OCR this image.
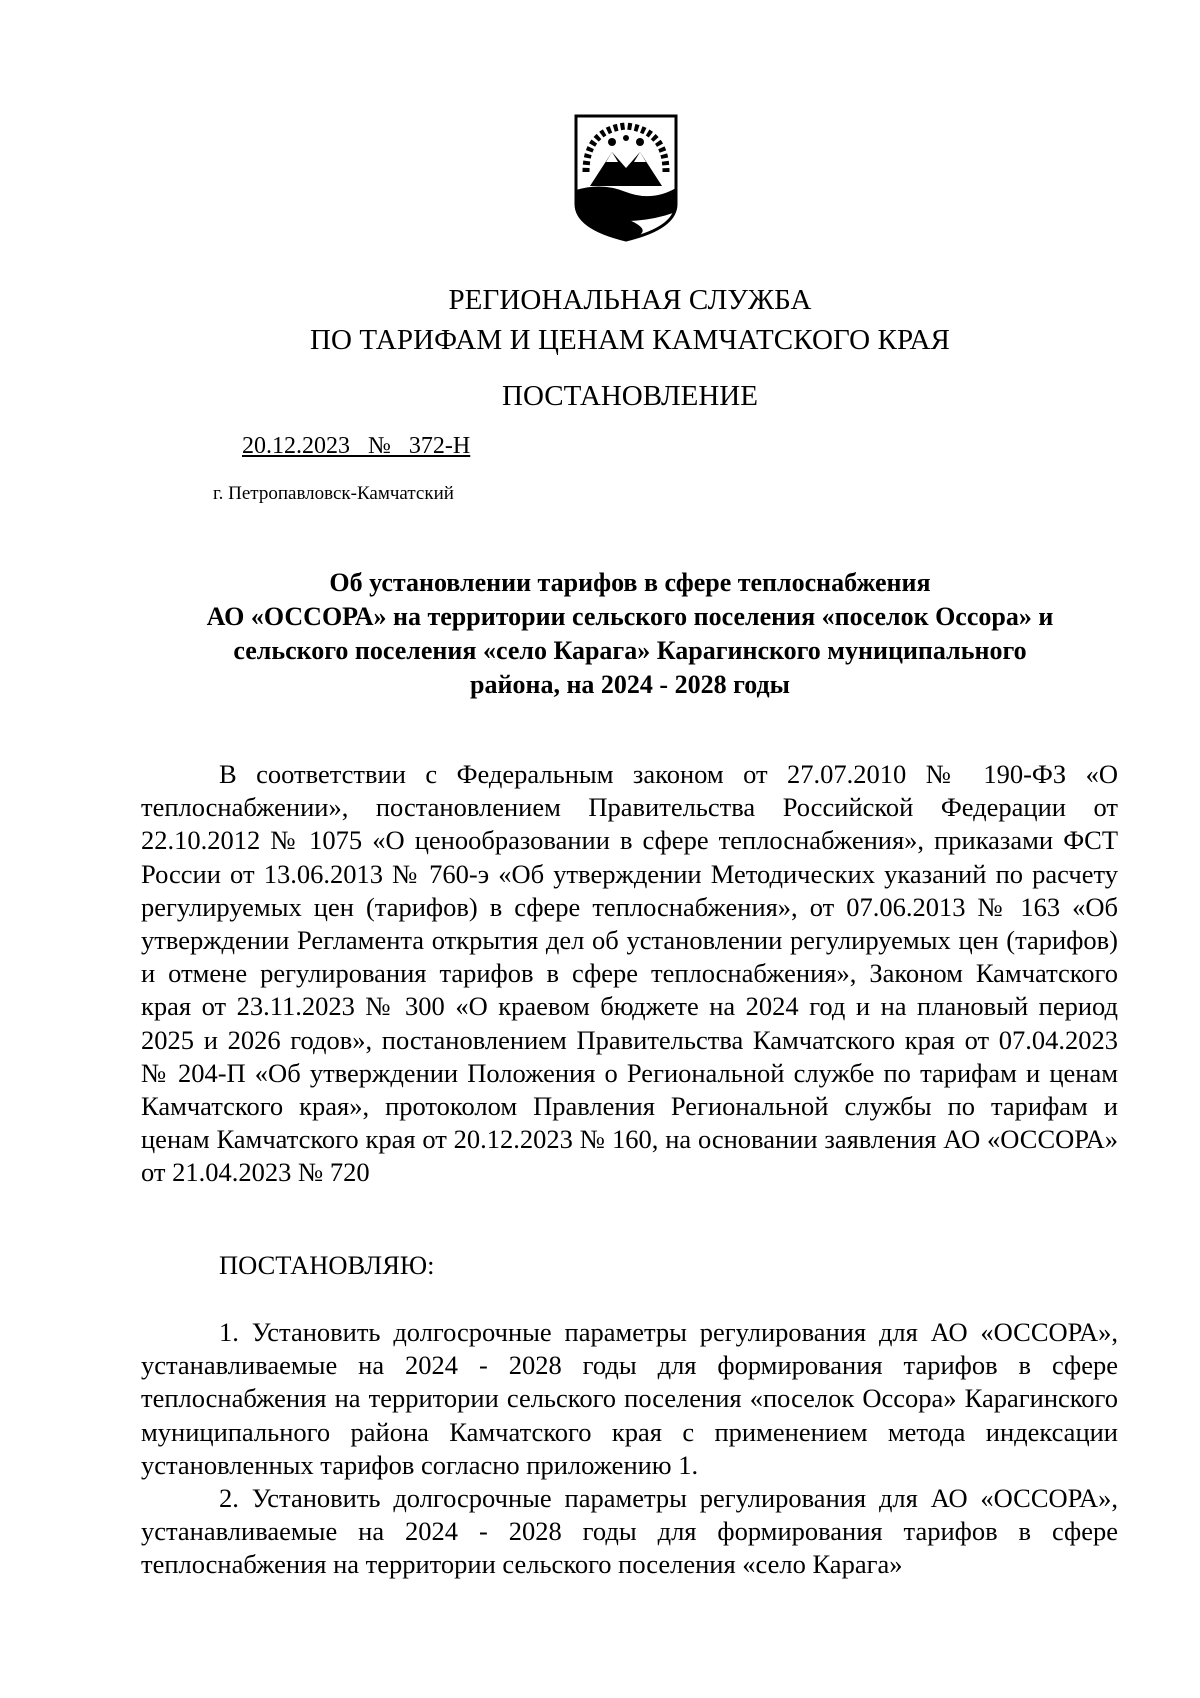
РЕГИОНАЛЬНАЯ СЛУЖБА
ПО ТАРИФАМ И ЦЕНАМ КАМЧАТСКОГО КРАЯ
ПОСТАНОВЛЕНИЕ
20.12.2023   №   372-Н
г. Петропавловск-Камчатский
Об установлении тарифов в сфере теплоснабжения
АО «ОССОРА» на территории сельского поселения «поселок Оссора» и
сельского поселения «село Карага» Карагинского муниципального
района, на 2024 - 2028 годы
В соответствии с Федеральным законом от 27.07.2010 № 190-ФЗ «О теплоснабжении», постановлением Правительства Российской Федерации от 22.10.2012 № 1075 «О ценообразовании в сфере теплоснабжения», приказами ФСТ России от 13.06.2013 № 760-э «Об утверждении Методических указаний по расчету регулируемых цен (тарифов) в сфере теплоснабжения», от 07.06.2013 № 163 «Об утверждении Регламента открытия дел об установлении регулируемых цен (тарифов) и отмене регулирования тарифов в сфере теплоснабжения», Законом Камчатского края от 23.11.2023 № 300 «О краевом бюджете на 2024 год и на плановый период 2025 и 2026 годов», постановлением Правительства Камчатского края от 07.04.2023 № 204-П «Об утверждении Положения о Региональной службе по тарифам и ценам Камчатского края», протоколом Правления Региональной службы по тарифам и ценам Камчатского края от 20.12.2023 № 160, на основании заявления АО «ОССОРА» от 21.04.2023 № 720
ПОСТАНОВЛЯЮ:
1. Установить долгосрочные параметры регулирования для АО «ОССОРА», устанавливаемые на 2024 - 2028 годы для формирования тарифов в сфере теплоснабжения на территории сельского поселения «поселок Оссора» Карагинского муниципального района Камчатского края с применением метода индексации установленных тарифов согласно приложению 1.
2. Установить долгосрочные параметры регулирования для АО «ОССОРА», устанавливаемые на 2024 - 2028 годы для формирования тарифов в сфере теплоснабжения на территории сельского поселения «село Карага»
